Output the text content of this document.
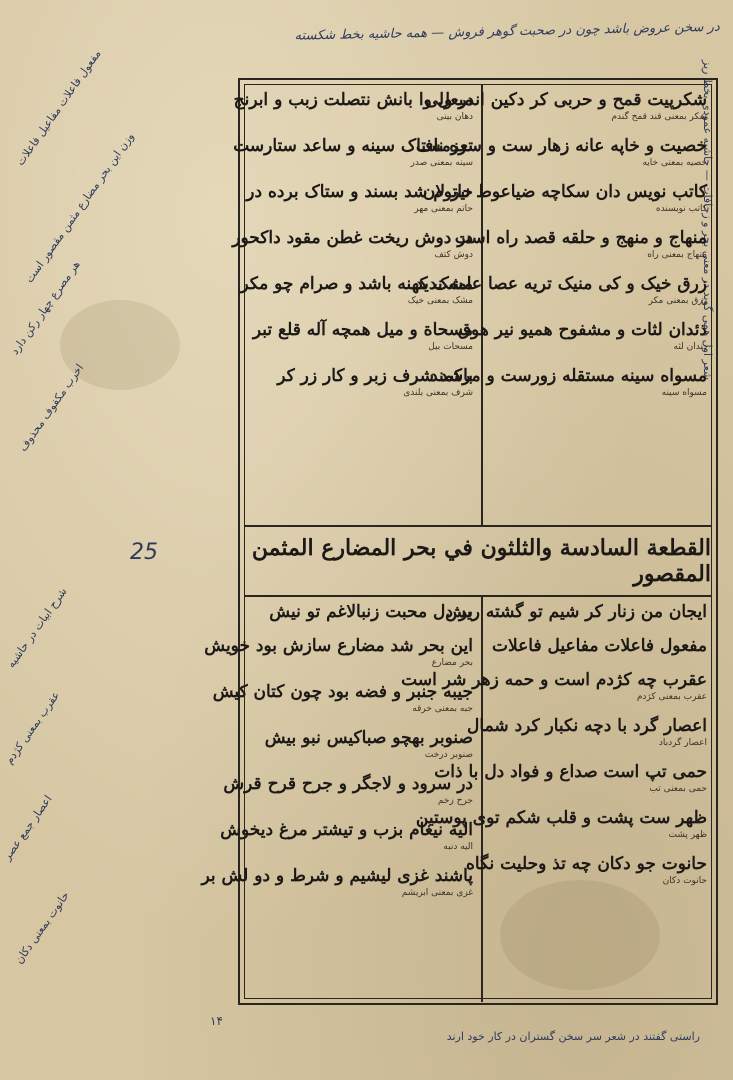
در سخن عروض باشد چون در صحبت گوهر فروش — همه حاشیه بخط شکسته
شعر اول همی گوید در معنی بحر و زحافات — حاشیه عمودی بخط ریز

مفعول فاعلات مفاعیل فاعلات

وزن این بحر مضارع مثمن مقصور است

هر مصرع چهار رکن دارد

اخرب مکفوف محذوف

شرح ابیات در حاشیه

عقرب بمعنی کژدم

اعصار جمع عصر

حانوت بمعنی دکان

25
۱۴
شکرپیت قمح و حربی کر دکین اندر ولی
شکر بمعنی قند قمح گندم
خصیت و خاپه عانه زهار ست و سره ناف
خصیه بمعنی خایه
کاتب نویس دان سکاچه ضیاعوط نیر لان
کاتب نویسنده
منهاج و منهج و حلقه قصد راه است
منهاج بمعنی راه
زرق خیک و کی منیک تریه عصا عامه ندید
زرق بمعنی مکر
ذئدان لثات و مشفوح همیو نیر هوق
دندان لثه
مسواه سینه مستقله زورست و مرکمند
مسواه سینه
مبعل وا بانش نتصلت زبب و ابرنج
دهان بینی
تعزمستاک سینه و ساعد ستارست
سینه بمعنی صدر
حاتوم شد بسند و ستاک برده در
حاتم بمعنی مهر
در دوش ریخت غطن مقود داکحور
دوش کتف
مشک کهنه باشد و صرام چو مکر
مشک بمعنی خیک
مسحاة و میل همچه آله قلع تبر
مسحات بیل
باشد شرف زبر و کار زر کر
شرف بمعنی بلندی
القطعة السادسة والثلثون في بحر المضارع المثمن المقصور
ایجان من زنار کر شیم تو گشته ریش
مفعول فاعلات مفاعیل فاعلات
عقرب چه کژدم است و حمه زهر شر است
عقرب بمعنی کژدم
اعصار گرد با دچه نکبار کرد شمال
اعصار گردباد
حمی تپ است صداع و فواد دل با ذات
حمی بمعنی تب
ظهر ست پشت و قلب شکم توی پوستین
ظهر پشت
حانوت جو دکان چه تذ وحلیت نگاه
حانوت دکان
بر دل محبت زنبالاغم تو نیش
این بحر شد مضارع سازش بود خویش
بحر مضارع
جیبه جنبر و فضه بود چون کتان کیش
جبه بمعنی خرقه
صنوبر بهچو صباکیس نبو بیش
صنوبر درخت
در سرود و لاجگر و جرح قرح قرش
جرح زخم
الیه نیغام بزب و تیشتر مرغ دیخوش
الیه دنبه
پاشند غزی لیشیم و شرط و دو لش بر
غزی بمعنی ابریشم
راستی گفتند در شعر سر سخن گستران در کار خود ارند
